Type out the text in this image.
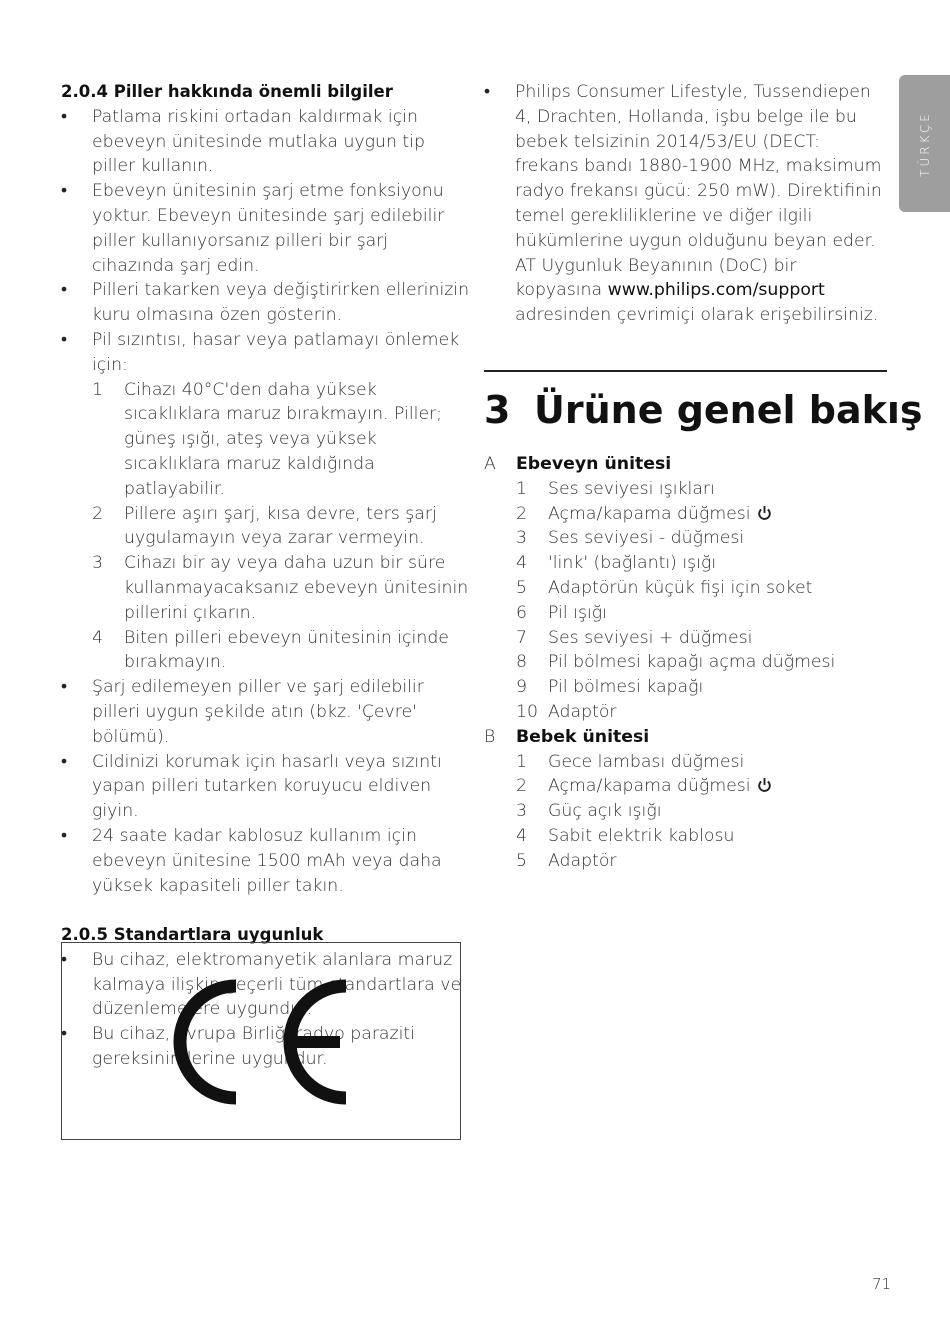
TÜRKÇE
2.0.4 Piller hakkında önemli bilgiler
• Patlama riskini ortadan kaldırmak için ebeveyn ünitesinde mutlaka uygun tip piller kullanın.
• Ebeveyn ünitesinin şarj etme fonksiyonu yoktur. Ebeveyn ünitesinde şarj edilebilir piller kullanıyorsanız pilleri bir şarj cihazında şarj edin.
• Pilleri takarken veya değiştirirken ellerinizin kuru olmasına özen gösterin.
• Pil sızıntısı, hasar veya patlamayı önlemek için:
1 Cihazı 40°C'den daha yüksek sıcaklıklara maruz bırakmayın. Piller; güneş ışığı, ateş veya yüksek sıcaklıklara maruz kaldığında patlayabilir.
2 Pillere aşırı şarj, kısa devre, ters şarj uygulamayın veya zarar vermeyin.
3 Cihazı bir ay veya daha uzun bir süre kullanmayacaksanız ebeveyn ünitesinin pillerini çıkarın.
4 Biten pilleri ebeveyn ünitesinin içinde bırakmayın.
• Şarj edilemeyen piller ve şarj edilebilir pilleri uygun şekilde atın (bkz. 'Çevre' bölümü).
• Cildinizi korumak için hasarlı veya sızıntı yapan pilleri tutarken koruyucu eldiven giyin.
• 24 saate kadar kablosuz kullanım için ebeveyn ünitesine 1500 mAh veya daha yüksek kapasiteli piller takın.
2.0.5 Standartlara uygunluk
• Bu cihaz, elektromanyetik alanlara maruz kalmaya ilişkin geçerli tüm standartlara ve düzenlemelere uygundur.
• Bu cihaz, Avrupa Birliği radyo paraziti gereksinimlerine uygundur.
• Philips Consumer Lifestyle, Tussendiepen 4, Drachten, Hollanda, işbu belge ile bu bebek telsizinin 2014/53/EU (DECT: frekans bandı 1880-1900 MHz, maksimum radyo frekansı gücü: 250 mW). Direktifinin temel gerekliliklerine ve diğer ilgili hükümlerine uygun olduğunu beyan eder. AT Uygunluk Beyanının (DoC) bir kopyasına www.philips.com/support adresinden çevrimiçi olarak erişebilirsiniz.
3 Ürüne genel bakış
A Ebeveyn ünitesi
1 Ses seviyesi ışıkları
2 Açma/kapama düğmesi
3 Ses seviyesi - düğmesi
4 'link' (bağlantı) ışığı
5 Adaptörün küçük fişi için soket
6 Pil ışığı
7 Ses seviyesi + düğmesi
8 Pil bölmesi kapağı açma düğmesi
9 Pil bölmesi kapağı
10 Adaptör
B Bebek ünitesi
1 Gece lambası düğmesi
2 Açma/kapama düğmesi
3 Güç açık ışığı
4 Sabit elektrik kablosu
5 Adaptör
71
